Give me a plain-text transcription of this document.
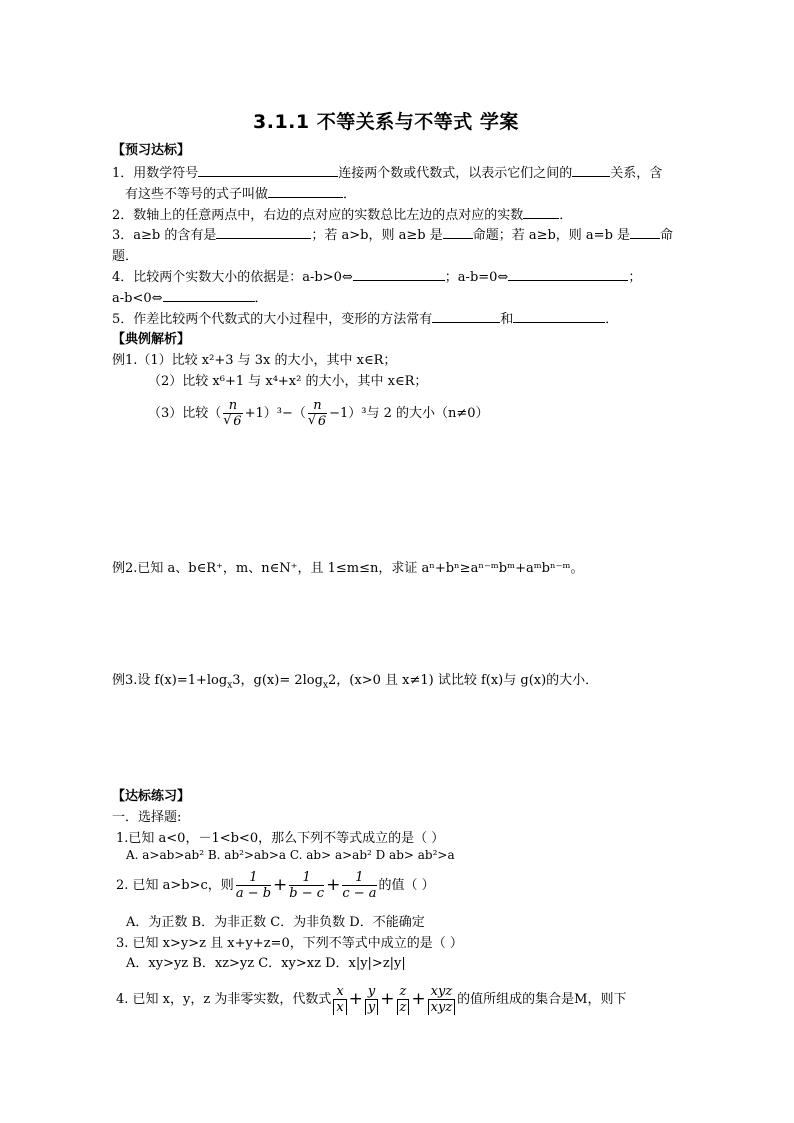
3.1.1 不等关系与不等式 学案
【预习达标】
1．用数学符号	连接两个数或代数式，以表示它们之间的	关系，含
有这些不等号的式子叫做	．
2．数轴上的任意两点中，右边的点对应的实数总比左边的点对应的实数	．
3．a≥b 的含有是	；若 a>b，则 a≥b 是 命题；若 a≥b，则 a=b 是 命
题．
4．比较两个实数大小的依据是：a-b>0⇔	；a-b=0⇔	；
a-b<0⇔	．
5．作差比较两个代数式的大小过程中，变形的方法常有	和	．
【典例解析】
例1.（1）比较 x²+3 与 3x 的大小，其中 x∈R；
（2）比较 x⁶+1 与 x⁴+x² 的大小，其中 x∈R；
（3）比较（ n
√ 6 +1）³−（ n
√ 6 −1）³与 2 的大小（n≠0）
例2.已知 a、b∈R⁺，m、n∈N⁺，且 1≤m≤n，求证 aⁿ+bⁿ≥aⁿ⁻ᵐbᵐ+aᵐbⁿ⁻ᵐ。
例3.设 $f(x)=1+\log_x3$，$g(x)= 2\log_x2$，(x>0 且 x≠1) 试比较 f(x)与 g(x)的大小．
【达标练习】
一．选择题:
1.已知 a<0，－1<b<0，那么下列不等式成立的是（ ）
A. a>ab>ab² B. ab²>ab>a C. ab> a>ab² D ab> ab²>a
2. 已知 a>b>c，则 $\frac{1}{a - b} + \frac{1}{b - c} + \frac{1}{c - a}$ 的值（ ）
A．为正数 B．为非正数 C．为非负数 D．不能确定
3. 已知 x>y>z 且 x+y+z=0，下列不等式中成立的是（ ）
A．xy>yz B．xz>yz C．xy>xz D．x|y|>z|y|
4. 已知 x，y，z 为非零实数，代数式 $\frac{x}{x} + \frac{y}{y} + \frac{z}{z} + \frac{\text{xyz}}{\text{xyz}}$ 的值所组成的集合是M，则下
